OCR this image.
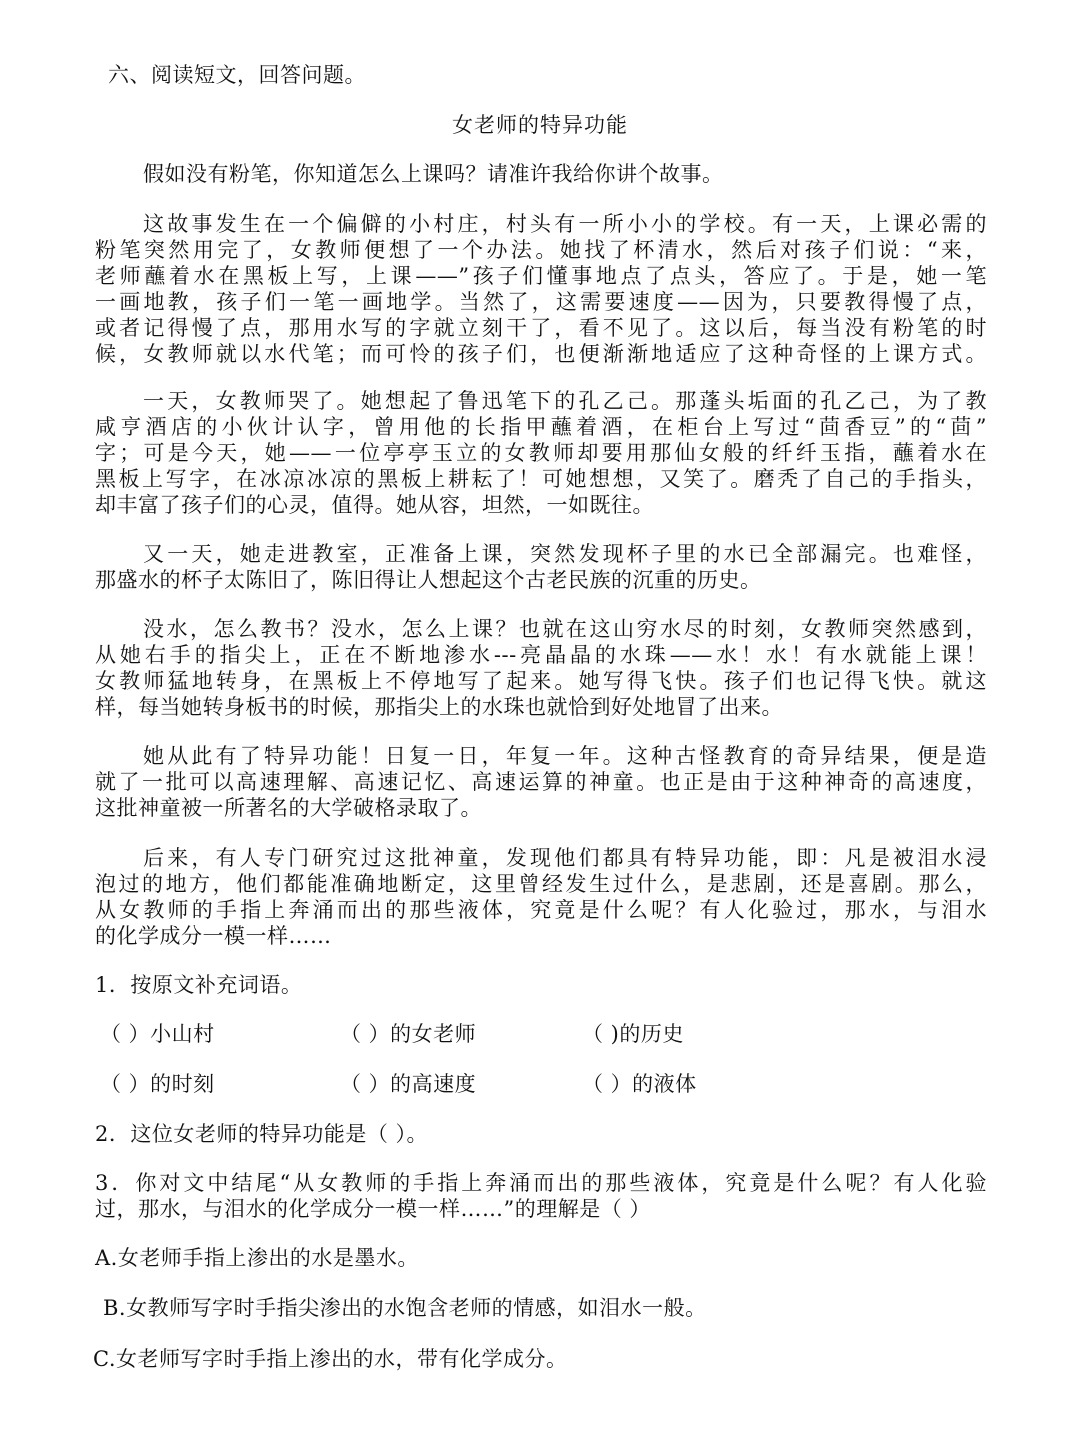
六、阅读短文，回答问题。
女老师的特异功能
假如没有粉笔，你知道怎么上课吗？请准许我给你讲个故事。
这故事发生在一个偏僻的小村庄，村头有一所小小的学校。有一天，上课必需的
粉笔突然用完了，女教师便想了一个办法。她找了杯清水，然后对孩子们说：“来，
老师蘸着水在黑板上写，上课——”孩子们懂事地点了点头，答应了。于是，她一笔
一画地教，孩子们一笔一画地学。当然了，这需要速度——因为，只要教得慢了点，
或者记得慢了点，那用水写的字就立刻干了，看不见了。这以后，每当没有粉笔的时
候，女教师就以水代笔；而可怜的孩子们，也便渐渐地适应了这种奇怪的上课方式。
一天，女教师哭了。她想起了鲁迅笔下的孔乙己。那蓬头垢面的孔乙己，为了教
咸亨酒店的小伙计认字，曾用他的长指甲蘸着酒，在柜台上写过“茴香豆”的“茴”
字；可是今天，她——一位亭亭玉立的女教师却要用那仙女般的纤纤玉指，蘸着水在
黑板上写字，在冰凉冰凉的黑板上耕耘了！可她想想，又笑了。磨秃了自己的手指头，
却丰富了孩子们的心灵，值得。她从容，坦然，一如既往。
又一天，她走进教室，正准备上课，突然发现杯子里的水已全部漏完。也难怪，
那盛水的杯子太陈旧了，陈旧得让人想起这个古老民族的沉重的历史。
没水，怎么教书？没水，怎么上课？也就在这山穷水尽的时刻，女教师突然感到，
从她右手的指尖上，正在不断地渗水---亮晶晶的水珠——水！水！有水就能上课！
女教师猛地转身，在黑板上不停地写了起来。她写得飞快。孩子们也记得飞快。就这
样，每当她转身板书的时候，那指尖上的水珠也就恰到好处地冒了出来。
她从此有了特异功能！日复一日，年复一年。这种古怪教育的奇异结果，便是造
就了一批可以高速理解、高速记忆、高速运算的神童。也正是由于这种神奇的高速度，
这批神童被一所著名的大学破格录取了。
后来，有人专门研究过这批神童，发现他们都具有特异功能，即：凡是被泪水浸
泡过的地方，他们都能准确地断定，这里曾经发生过什么，是悲剧，还是喜剧。那么，
从女教师的手指上奔涌而出的那些液体，究竟是什么呢？有人化验过，那水，与泪水
的化学成分一模一样……
1．按原文补充词语。
（ ）小山村	（ ）的女老师	（ )的历史
（ ）的时刻	（ ）的高速度	（ ）的液体
2．这位女老师的特异功能是（ ）。
3．你对文中结尾“从女教师的手指上奔涌而出的那些液体，究竟是什么呢？有人化验
过，那水，与泪水的化学成分一模一样……”的理解是（ ）
A.女老师手指上渗出的水是墨水。
B.女教师写字时手指尖渗出的水饱含老师的情感，如泪水一般。
C.女老师写字时手指上渗出的水，带有化学成分。
